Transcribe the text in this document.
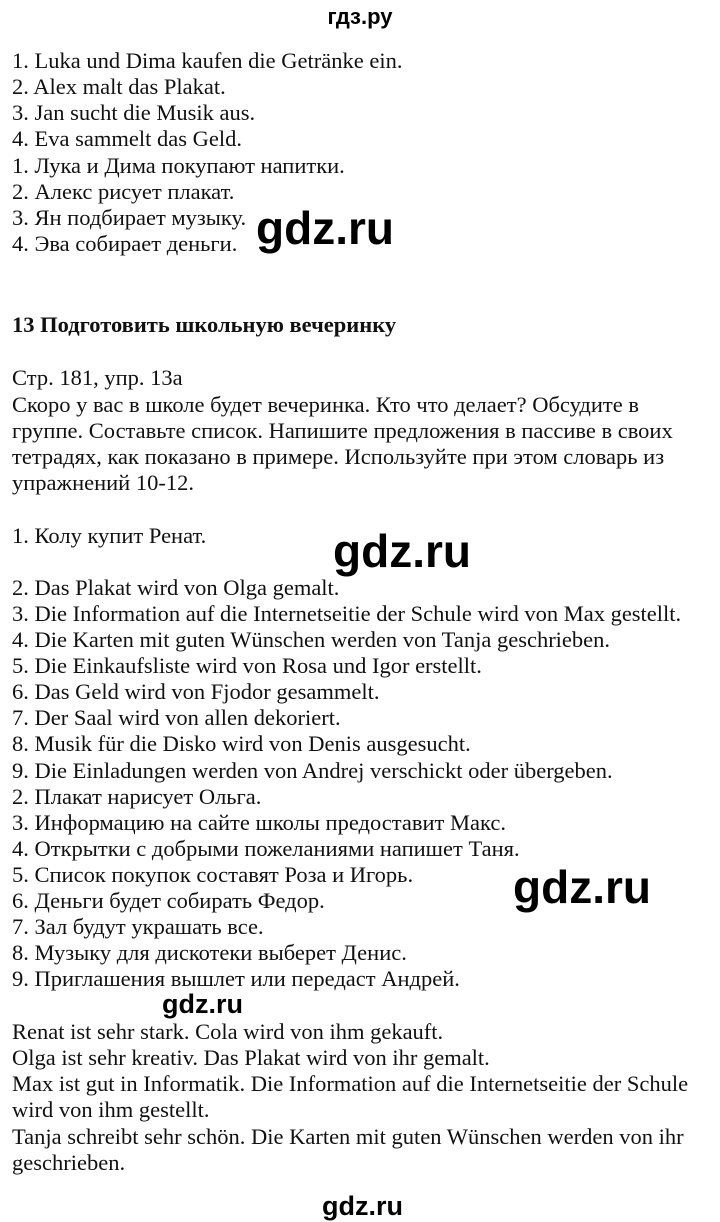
гдз.ру
1. Luka und Dima kaufen die Getränke ein.
2. Alex malt das Plakat.
3. Jan sucht die Musik aus.
4. Eva sammelt das Geld.
1. Лука и Дима покупают напитки.
2. Алекс рисует плакат.
3. Ян подбирает музыку.
4. Эва собирает деньги. gdz.ru
13 Подготовить школьную вечеринку
Стр. 181, упр. 13а
Скоро у вас в школе будет вечеринка. Кто что делает? Обсудите в
группе. Составьте список. Напишите предложения в пассиве в своих
тетрадях, как показано в примере. Используйте при этом словарь из
упражнений 10-12.
1. Колу купит Ренат.	gdz.ru
2. Das Plakat wird von Olga gemalt.
3. Die Information auf die Internetseitie der Schule wird von Max gestellt.
4. Die Karten mit guten Wünschen werden von Tanja geschrieben.
5. Die Einkaufsliste wird von Rosa und Igor erstellt.
6. Das Geld wird von Fjodor gesammelt.
7. Der Saal wird von allen dekoriert.
8. Musik für die Disko wird von Denis ausgesucht.
9. Die Einladungen werden von Andrej verschickt oder übergeben.
2. Плакат нарисует Ольга.
3. Информацию на сайте школы предоставит Макс.
4. Открытки с добрыми пожеланиями напишет Таня.
5. Список покупок составят Роза и Игорь.
6. Деньги будет собирать Федор.
7. Зал будут украшать все.
8. Музыку для дискотеки выберет Денис.
9. Приглашения вышлет или передаст Андрей.
gdz.ru
gdz.ru
Renat ist sehr stark. Cola wird von ihm gekauft.
Olga ist sehr kreativ. Das Plakat wird von ihr gemalt.
Max ist gut in Informatik. Die Information auf die Internetseitie der Schule
wird von ihm gestellt.
Tanja schreibt sehr schön. Die Karten mit guten Wünschen werden von ihr
geschrieben.
gdz.ru
